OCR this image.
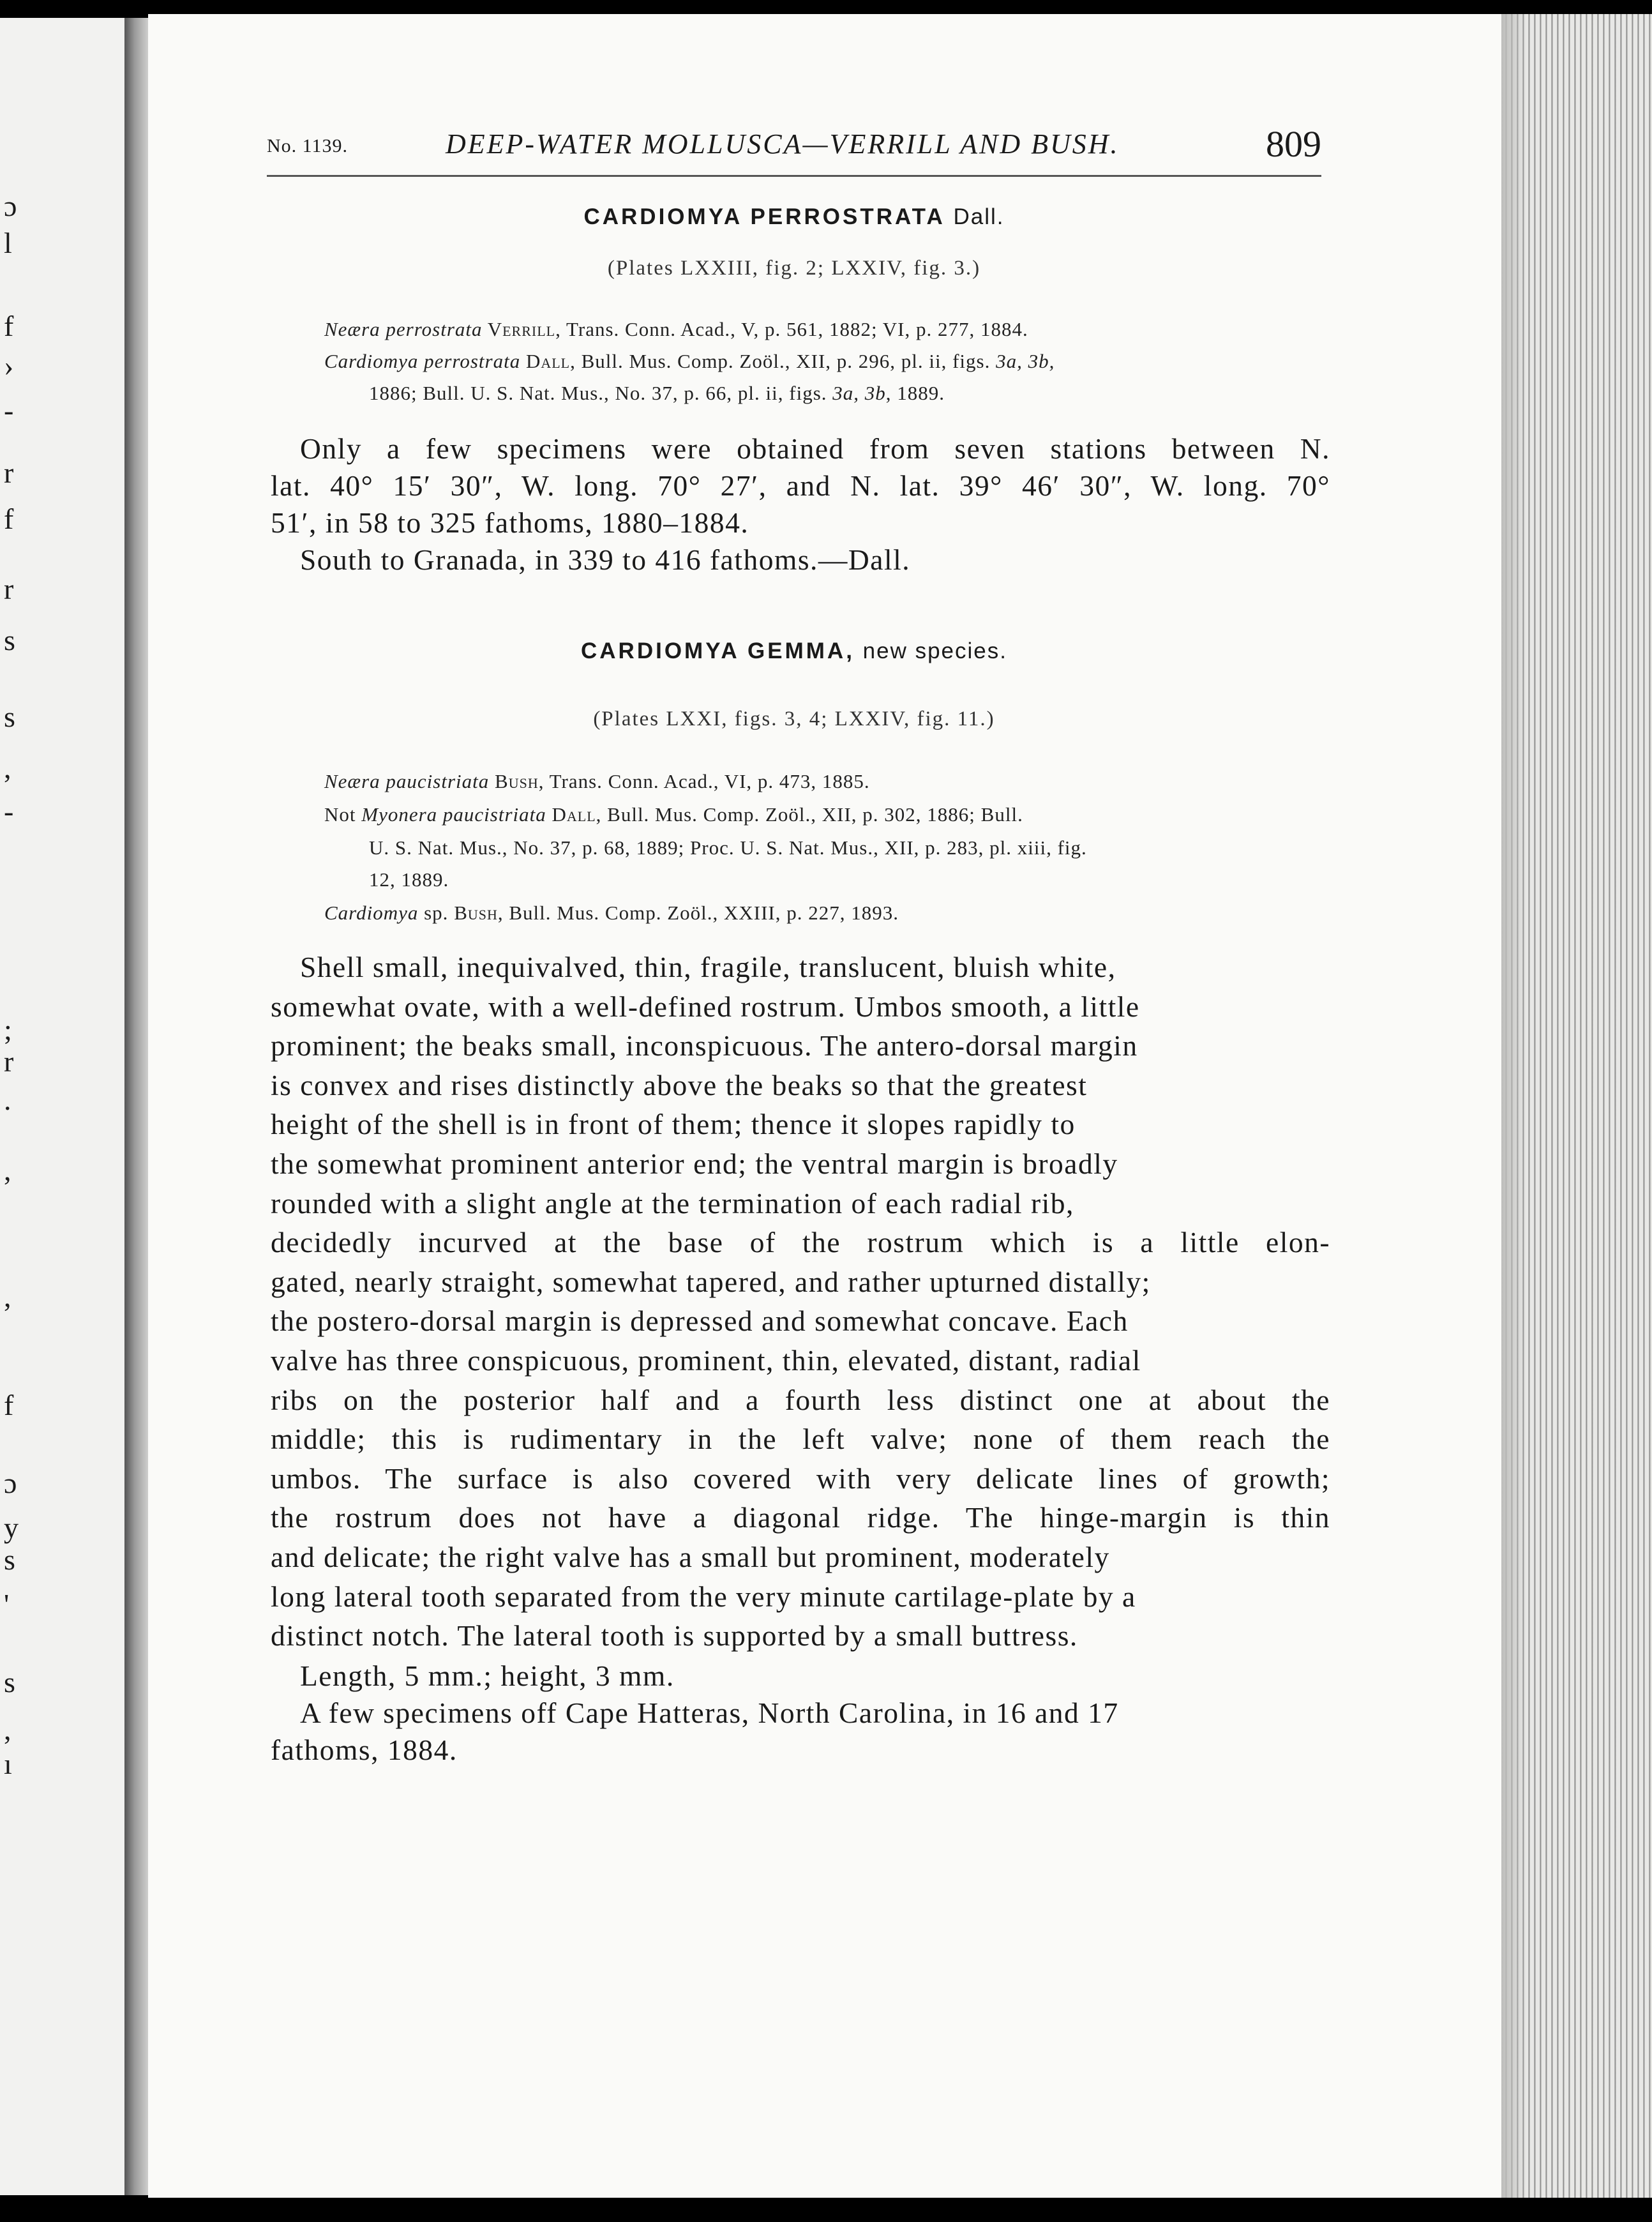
ɔ
l
f
›
-
r
f
r
s
s
,
-
;
r
.
,
,
f
ɔ
y
s
'
s
,
ı
No. 1139.	DEEP-WATER MOLLUSCA—VERRILL AND BUSH.	809
CARDIOMYA PERROSTRATA Dall.
(Plates LXXIII, fig. 2; LXXIV, fig. 3.)
Neæra perrostrata Verrill, Trans. Conn. Acad., V, p. 561, 1882; VI, p. 277, 1884.
Cardiomya perrostrata Dall, Bull. Mus. Comp. Zoöl., XII, p. 296, pl. ii, figs. 3a, 3b,
1886; Bull. U. S. Nat. Mus., No. 37, p. 66, pl. ii, figs. 3a, 3b, 1889.
Only a few specimens were obtained from seven stations between N.
lat. 40° 15′ 30″, W. long. 70° 27′, and N. lat. 39° 46′ 30″, W. long. 70°
51′, in 58 to 325 fathoms, 1880–1884.
South to Granada, in 339 to 416 fathoms.—Dall.
CARDIOMYA GEMMA, new species.
(Plates LXXI, figs. 3, 4; LXXIV, fig. 11.)
Neæra paucistriata Bush, Trans. Conn. Acad., VI, p. 473, 1885.
Not Myonera paucistriata Dall, Bull. Mus. Comp. Zoöl., XII, p. 302, 1886; Bull.
U. S. Nat. Mus., No. 37, p. 68, 1889; Proc. U. S. Nat. Mus., XII, p. 283, pl. xiii, fig.
12, 1889.
Cardiomya sp. Bush, Bull. Mus. Comp. Zoöl., XXIII, p. 227, 1893.
Shell small, inequivalved, thin, fragile, translucent, bluish white,
somewhat ovate, with a well-defined rostrum. Umbos smooth, a little
prominent; the beaks small, inconspicuous. The antero-dorsal margin
is convex and rises distinctly above the beaks so that the greatest
height of the shell is in front of them; thence it slopes rapidly to
the somewhat prominent anterior end; the ventral margin is broadly
rounded with a slight angle at the termination of each radial rib,
decidedly incurved at the base of the rostrum which is a little elon-
gated, nearly straight, somewhat tapered, and rather upturned distally;
the postero-dorsal margin is depressed and somewhat concave. Each
valve has three conspicuous, prominent, thin, elevated, distant, radial
ribs on the posterior half and a fourth less distinct one at about the
middle; this is rudimentary in the left valve; none of them reach the
umbos. The surface is also covered with very delicate lines of growth;
the rostrum does not have a diagonal ridge. The hinge-margin is thin
and delicate; the right valve has a small but prominent, moderately
long lateral tooth separated from the very minute cartilage-plate by a
distinct notch. The lateral tooth is supported by a small buttress.
Length, 5 mm.; height, 3 mm.
A few specimens off Cape Hatteras, North Carolina, in 16 and 17
fathoms, 1884.
